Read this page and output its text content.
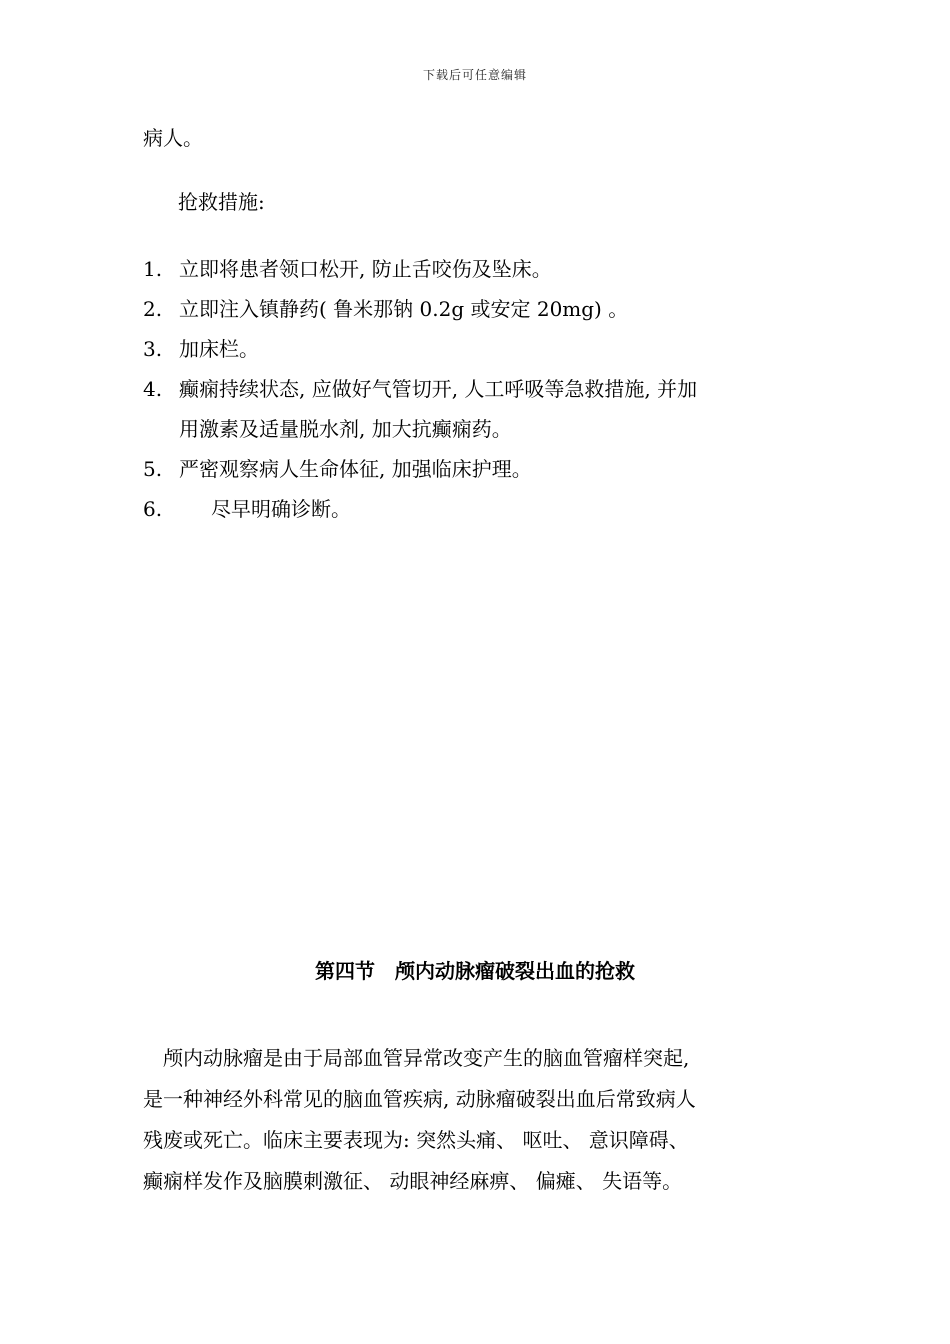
下载后可任意编辑
病人。
抢救措施:
1. 立即将患者领口松开, 防止舌咬伤及坠床。
2. 立即注入镇静药( 鲁米那钠 0.2g 或安定 20mg) 。
3. 加床栏。
4. 癫痫持续状态, 应做好气管切开, 人工呼吸等急救措施, 并加
用激素及适量脱水剂, 加大抗癫痫药。
5. 严密观察病人生命体征, 加强临床护理。
6. 尽早明确诊断。
第四节　颅内动脉瘤破裂出血的抢救
　颅内动脉瘤是由于局部血管异常改变产生的脑血管瘤样突起,
是一种神经外科常见的脑血管疾病, 动脉瘤破裂出血后常致病人
残废或死亡。临床主要表现为: 突然头痛、 呕吐、 意识障碍、
癫痫样发作及脑膜刺激征、 动眼神经麻痹、 偏瘫、 失语等。
